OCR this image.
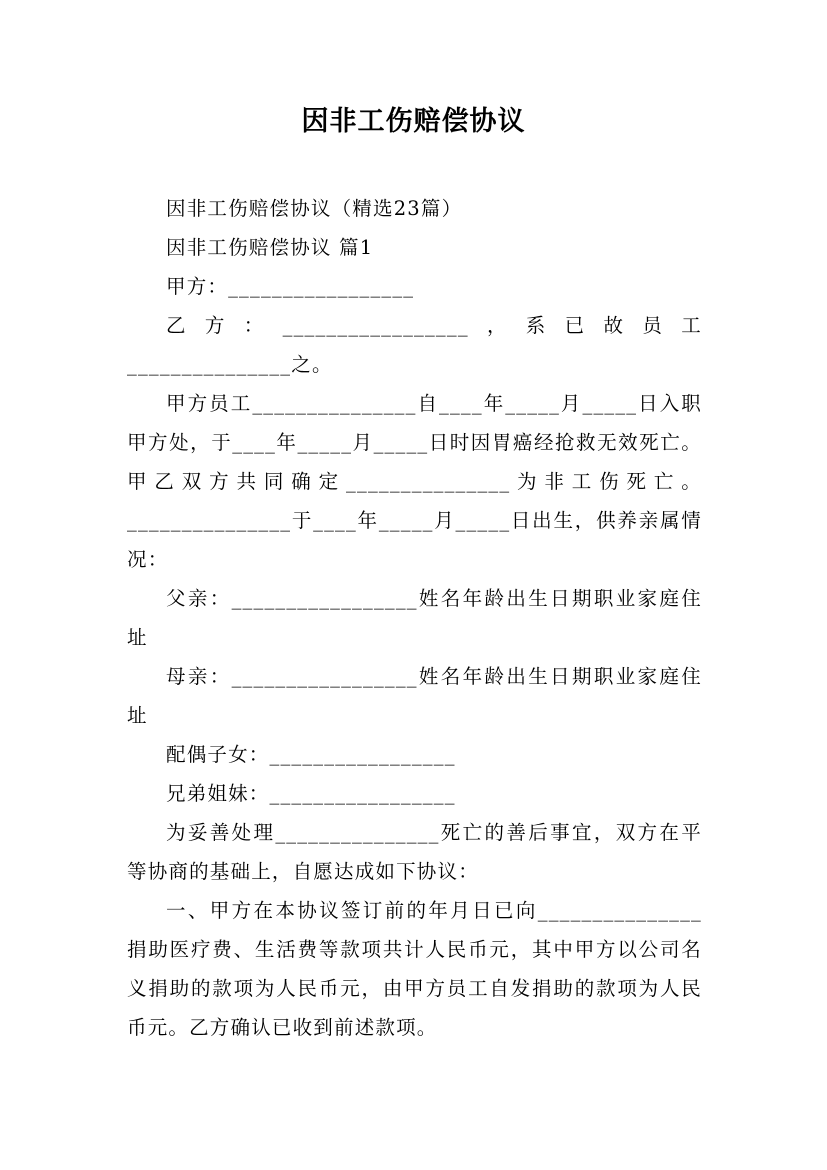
因非工伤赔偿协议

因非工伤赔偿协议（精选23篇）

因非工伤赔偿协议 篇1

甲方：_________________

乙方：_________________，系已故员工_______________之。

甲方员工_______________自____年_____月_____日入职甲方处，于____年_____月_____日时因胃癌经抢救无效死亡。甲乙双方共同确定_______________为非工伤死亡。_______________于____年_____月_____日出生，供养亲属情况：

父亲：_________________姓名年龄出生日期职业家庭住址

母亲：_________________姓名年龄出生日期职业家庭住址

配偶子女：_________________

兄弟姐妹：_________________

为妥善处理_______________死亡的善后事宜，双方在平等协商的基础上，自愿达成如下协议：

一、甲方在本协议签订前的年月日已向_______________捐助医疗费、生活费等款项共计人民币元，其中甲方以公司名义捐助的款项为人民币元，由甲方员工自发捐助的款项为人民币元。乙方确认已收到前述款项。
